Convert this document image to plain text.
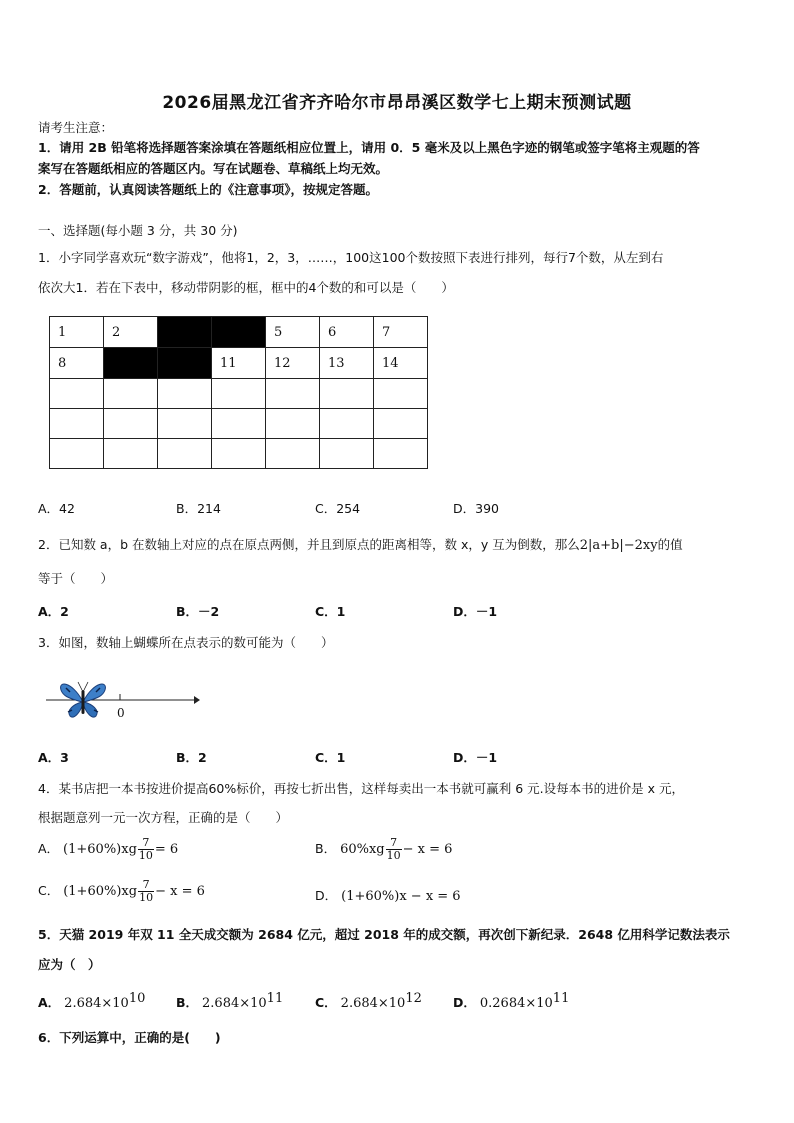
2026届黑龙江省齐齐哈尔市昂昂溪区数学七上期末预测试题
请考生注意：
1．请用 2B 铅笔将选择题答案涂填在答题纸相应位置上，请用 0．5 毫米及以上黑色字迹的钢笔或签字笔将主观题的答
案写在答题纸相应的答题区内。写在试题卷、草稿纸上均无效。
2．答题前，认真阅读答题纸上的《注意事项》，按规定答题。
一、选择题(每小题 3 分，共 30 分)
1．小字同学喜欢玩“数字游戏”，他将1，2，3，……，100这100个数按照下表进行排列，每行7个数，从左到右
依次大1．若在下表中，移动带阴影的框，框中的4个数的和可以是（　　）
1	2			5	6	7
8			11	12	13	14

A．42	B．214	C．254	D．390
2．已知数 a，b 在数轴上对应的点在原点两侧，并且到原点的距离相等，数 x，y 互为倒数，那么2|a+b|−2xy的值
等于（　　）
A．2	B．－2	C．1	D．－1
3．如图，数轴上蝴蝶所在点表示的数可能为（　　）
0
A．3	B．2	C．1	D．－1
4．某书店把一本书按进价提高60%标价，再按七折出售，这样每卖出一本书就可赢利 6 元.设每本书的进价是 x 元，
根据题意列一元一次方程，正确的是（　　）
A． $(1+60\%)xg \frac{7}{10} = 6$	B． $60\%xg \frac{7}{10} - x = 6$
C． $(1+60\%)xg \frac{7}{10} - x = 6$	D． (1+60%)x − x = 6
5．天猫 2019 年双 11 全天成交额为 2684 亿元，超过 2018 年的成交额，再次创下新纪录．2648 亿用科学记数法表示
应为（　）
A． $2.684\times 10^{10}$ B． $2.684\times 10^{11}$	C． $2.684\times 10^{12}$ D． $0.2684\times 10^{11}$
6．下列运算中，正确的是(　　)
